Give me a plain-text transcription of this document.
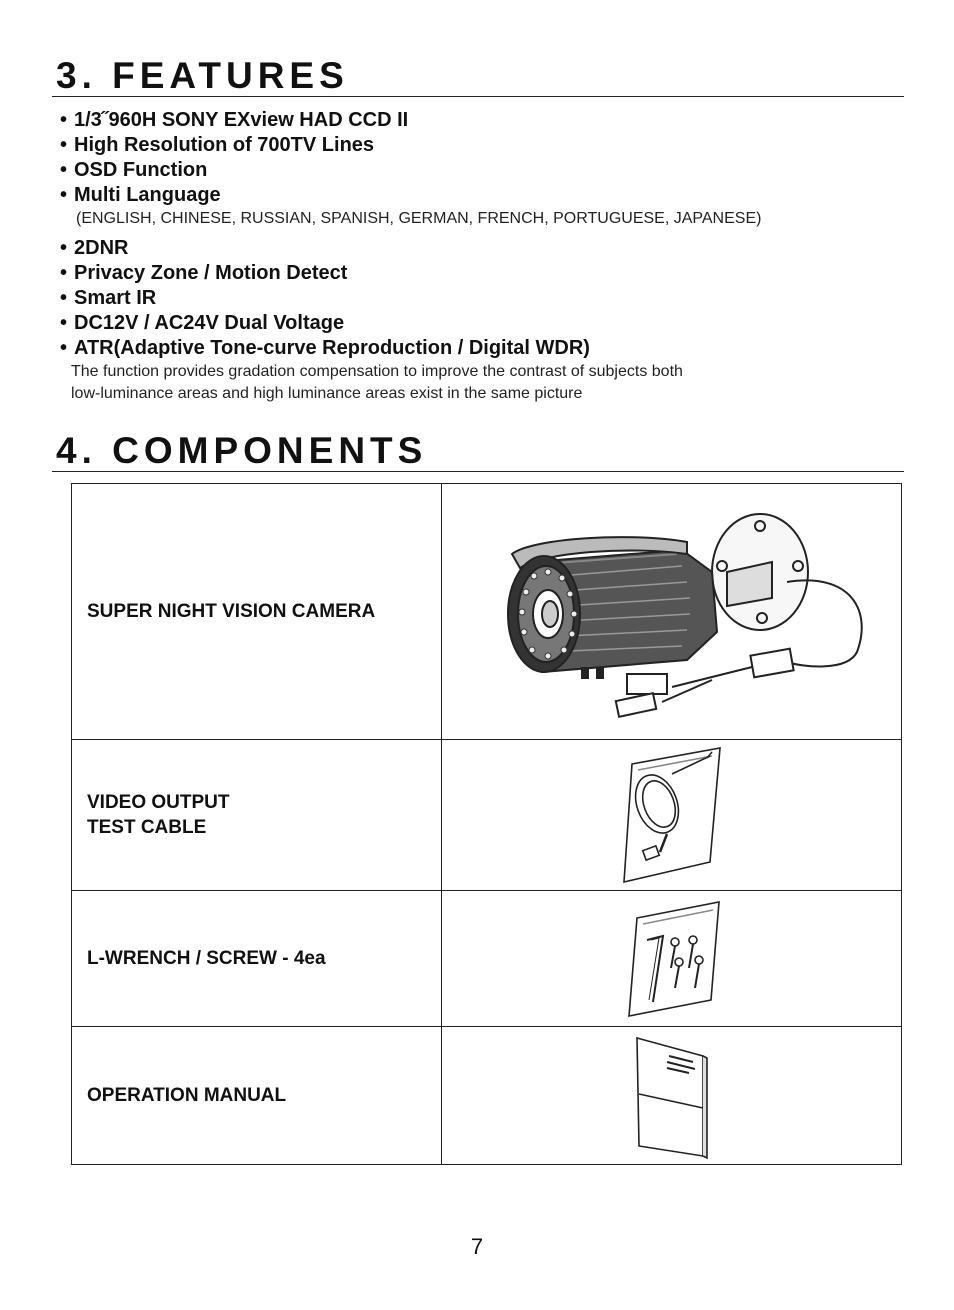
3. FEATURES
• 1/3˝960H SONY EXview HAD CCD II
• High Resolution of 700TV Lines
• OSD Function
• Multi Language
(ENGLISH, CHINESE, RUSSIAN, SPANISH, GERMAN, FRENCH, PORTUGUESE, JAPANESE)
• 2DNR
• Privacy Zone / Motion Detect
• Smart IR
• DC12V / AC24V Dual Voltage
• ATR(Adaptive Tone-curve Reproduction / Digital WDR)
The function provides gradation compensation to improve the contrast of subjects both
low-luminance areas and high luminance areas exist in the same picture
4. COMPONENTS
SUPER NIGHT VISION CAMERA

VIDEO OUTPUT
TEST CABLE

L-WRENCH / SCREW - 4ea

OPERATION MANUAL

7
